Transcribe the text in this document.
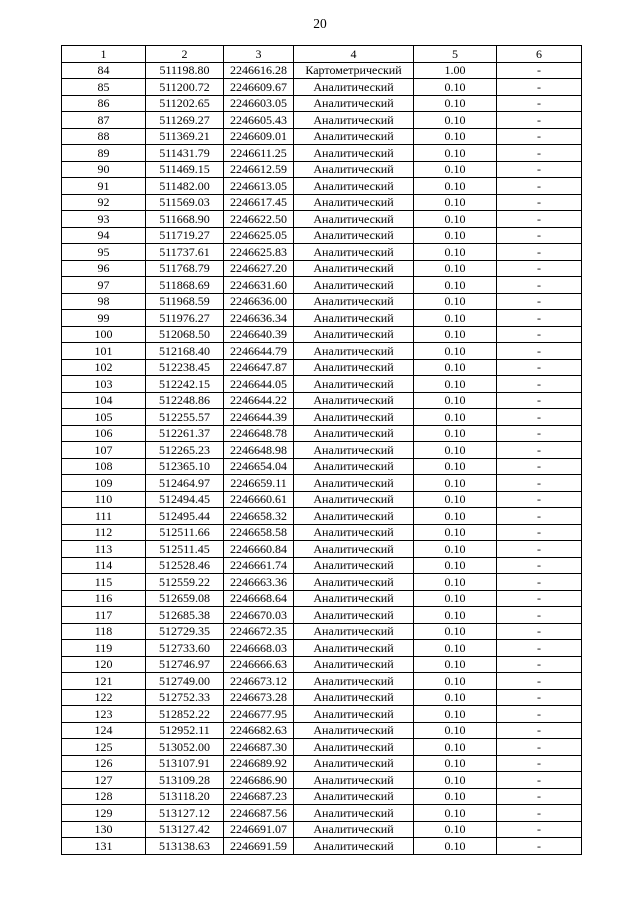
20
1	2	3	4	5	6
84	511198.80	2246616.28	Картометрический	1.00	-
85	511200.72	2246609.67	Аналитический	0.10	-
86	511202.65	2246603.05	Аналитический	0.10	-
87	511269.27	2246605.43	Аналитический	0.10	-
88	511369.21	2246609.01	Аналитический	0.10	-
89	511431.79	2246611.25	Аналитический	0.10	-
90	511469.15	2246612.59	Аналитический	0.10	-
91	511482.00	2246613.05	Аналитический	0.10	-
92	511569.03	2246617.45	Аналитический	0.10	-
93	511668.90	2246622.50	Аналитический	0.10	-
94	511719.27	2246625.05	Аналитический	0.10	-
95	511737.61	2246625.83	Аналитический	0.10	-
96	511768.79	2246627.20	Аналитический	0.10	-
97	511868.69	2246631.60	Аналитический	0.10	-
98	511968.59	2246636.00	Аналитический	0.10	-
99	511976.27	2246636.34	Аналитический	0.10	-
100	512068.50	2246640.39	Аналитический	0.10	-
101	512168.40	2246644.79	Аналитический	0.10	-
102	512238.45	2246647.87	Аналитический	0.10	-
103	512242.15	2246644.05	Аналитический	0.10	-
104	512248.86	2246644.22	Аналитический	0.10	-
105	512255.57	2246644.39	Аналитический	0.10	-
106	512261.37	2246648.78	Аналитический	0.10	-
107	512265.23	2246648.98	Аналитический	0.10	-
108	512365.10	2246654.04	Аналитический	0.10	-
109	512464.97	2246659.11	Аналитический	0.10	-
110	512494.45	2246660.61	Аналитический	0.10	-
111	512495.44	2246658.32	Аналитический	0.10	-
112	512511.66	2246658.58	Аналитический	0.10	-
113	512511.45	2246660.84	Аналитический	0.10	-
114	512528.46	2246661.74	Аналитический	0.10	-
115	512559.22	2246663.36	Аналитический	0.10	-
116	512659.08	2246668.64	Аналитический	0.10	-
117	512685.38	2246670.03	Аналитический	0.10	-
118	512729.35	2246672.35	Аналитический	0.10	-
119	512733.60	2246668.03	Аналитический	0.10	-
120	512746.97	2246666.63	Аналитический	0.10	-
121	512749.00	2246673.12	Аналитический	0.10	-
122	512752.33	2246673.28	Аналитический	0.10	-
123	512852.22	2246677.95	Аналитический	0.10	-
124	512952.11	2246682.63	Аналитический	0.10	-
125	513052.00	2246687.30	Аналитический	0.10	-
126	513107.91	2246689.92	Аналитический	0.10	-
127	513109.28	2246686.90	Аналитический	0.10	-
128	513118.20	2246687.23	Аналитический	0.10	-
129	513127.12	2246687.56	Аналитический	0.10	-
130	513127.42	2246691.07	Аналитический	0.10	-
131	513138.63	2246691.59	Аналитический	0.10	-
